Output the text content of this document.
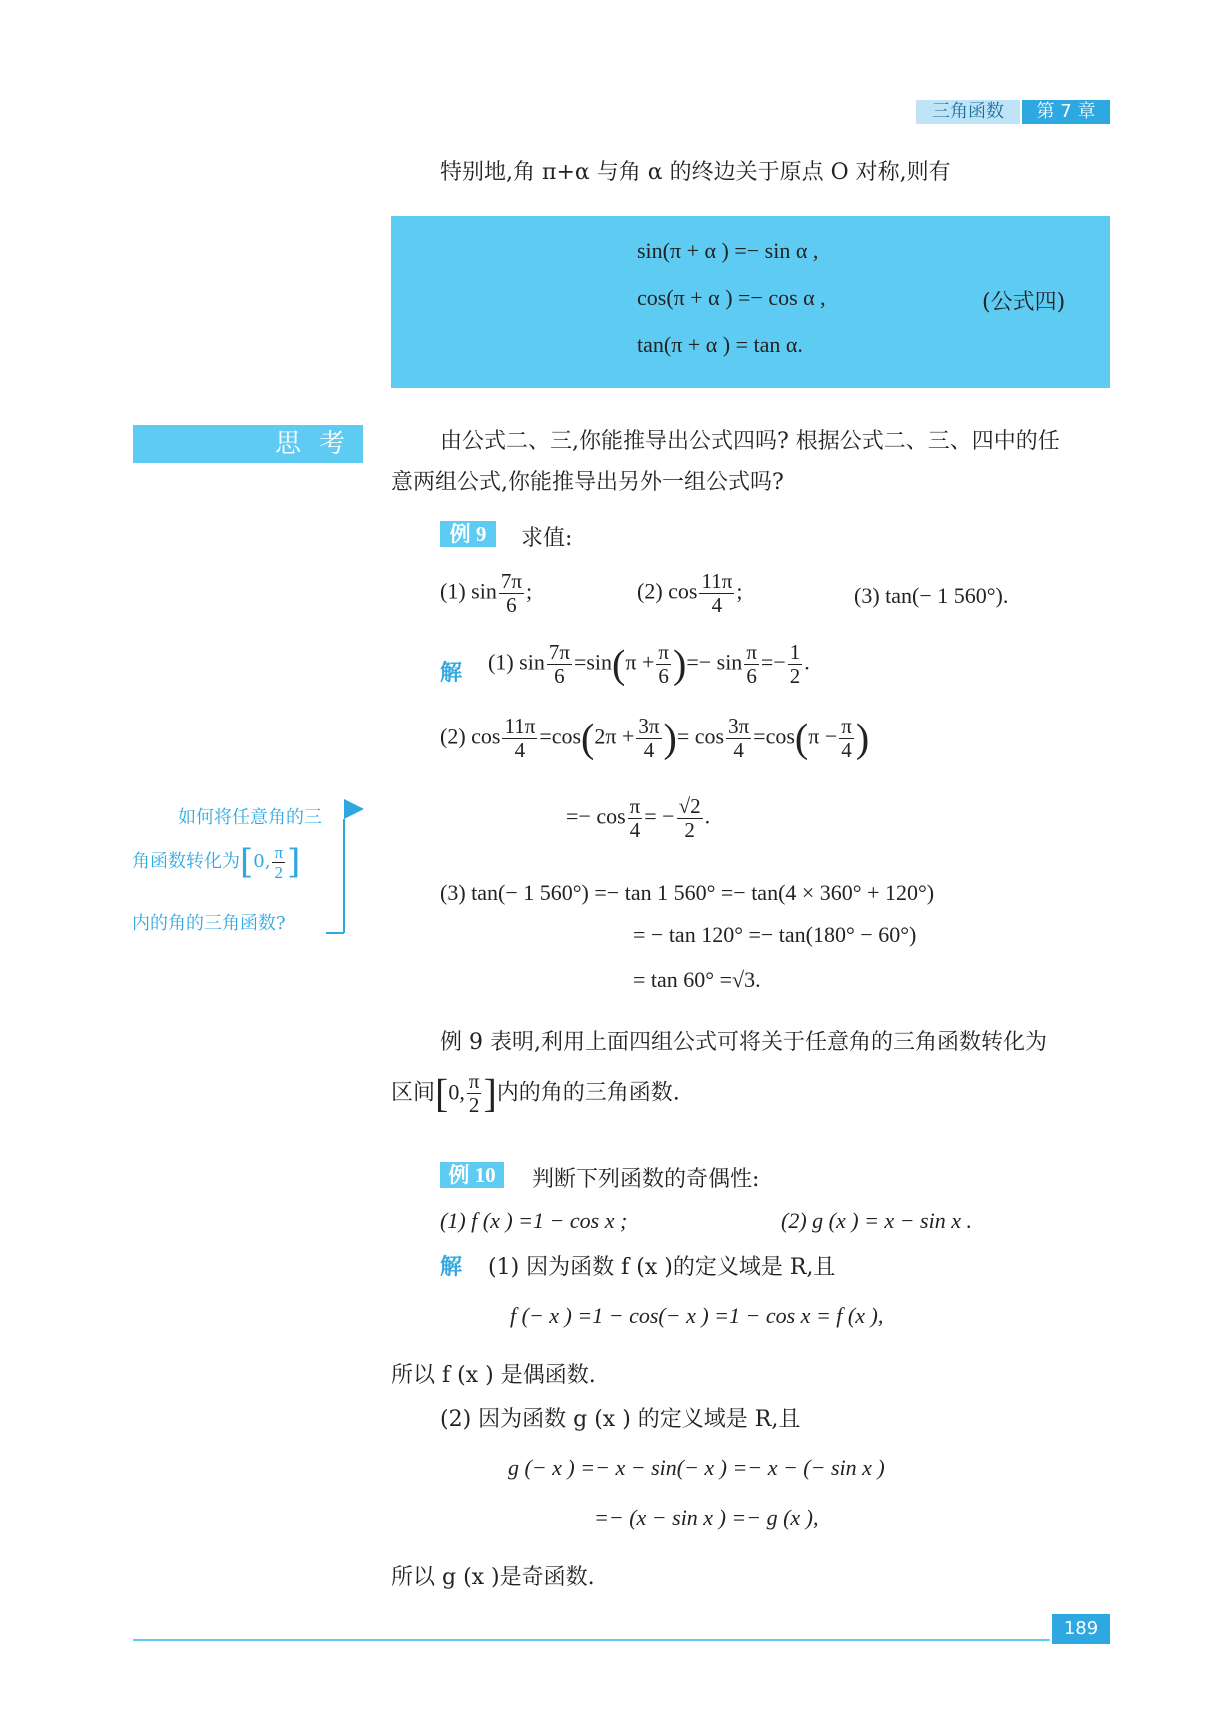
三角函数	第 7 章
特别地,角 π+α 与角 α 的终边关于原点 O 对称,则有
sin(π + α ) =− sin α ,
cos(π + α ) =− cos α ,
tan(π + α ) = tan α.
(公式四)
思考	由公式二、三,你能推导出公式四吗? 根据公式二、三、四中的任
意两组公式,你能推导出另外一组公式吗?
例 9	求值:
(1) $\sin \frac{7\pi}{6}$ ;	(2) $\cos \frac{11\pi}{4}$ ;	(3) tan(− 1 560°).
解 (1) $\sin \frac{7\pi}{6} =\sin(\pi + \frac{\pi}{6}$ )=− $\sin \frac{\pi}{6} =- \frac{1}{2}$ .
(2) $\cos \frac{11\pi}{4} =\cos(2\pi + \frac{3\pi}{4}$ )= $\cos \frac{3\pi}{4} =\cos(\pi - \frac{\pi}{4}$ )
=− $\cos \frac{\pi}{4}$ = − $\frac{√2}{2}$ .
(3) tan(− 1 560°) =− tan 1 560° =− tan(4 × 360° + 120°)
= − tan 120° =− tan(180° − 60°)
= tan 60° =√3.
如何将任意角的三
角函数转化为[0, $\frac{\pi}{2}$ ]
内的角的三角函数?
例 9 表明,利用上面四组公式可将关于任意角的三角函数转化为
区间[0, $\frac{\pi}{2}$ ]内的角的三角函数.
例 10	判断下列函数的奇偶性:
(1) f (x ) =1 − cos x ;	(2) g (x ) = x − sin x .
解 (1) 因为函数 f (x )的定义域是 R,且
f (− x ) =1 − cos(− x ) =1 − cos x = f (x ),
所以 f (x ) 是偶函数.
(2) 因为函数 g (x ) 的定义域是 R,且
g (− x ) =− x − sin(− x ) =− x − (− sin x )
=− (x − sin x ) =− g (x ),
所以 g (x )是奇函数.
189
